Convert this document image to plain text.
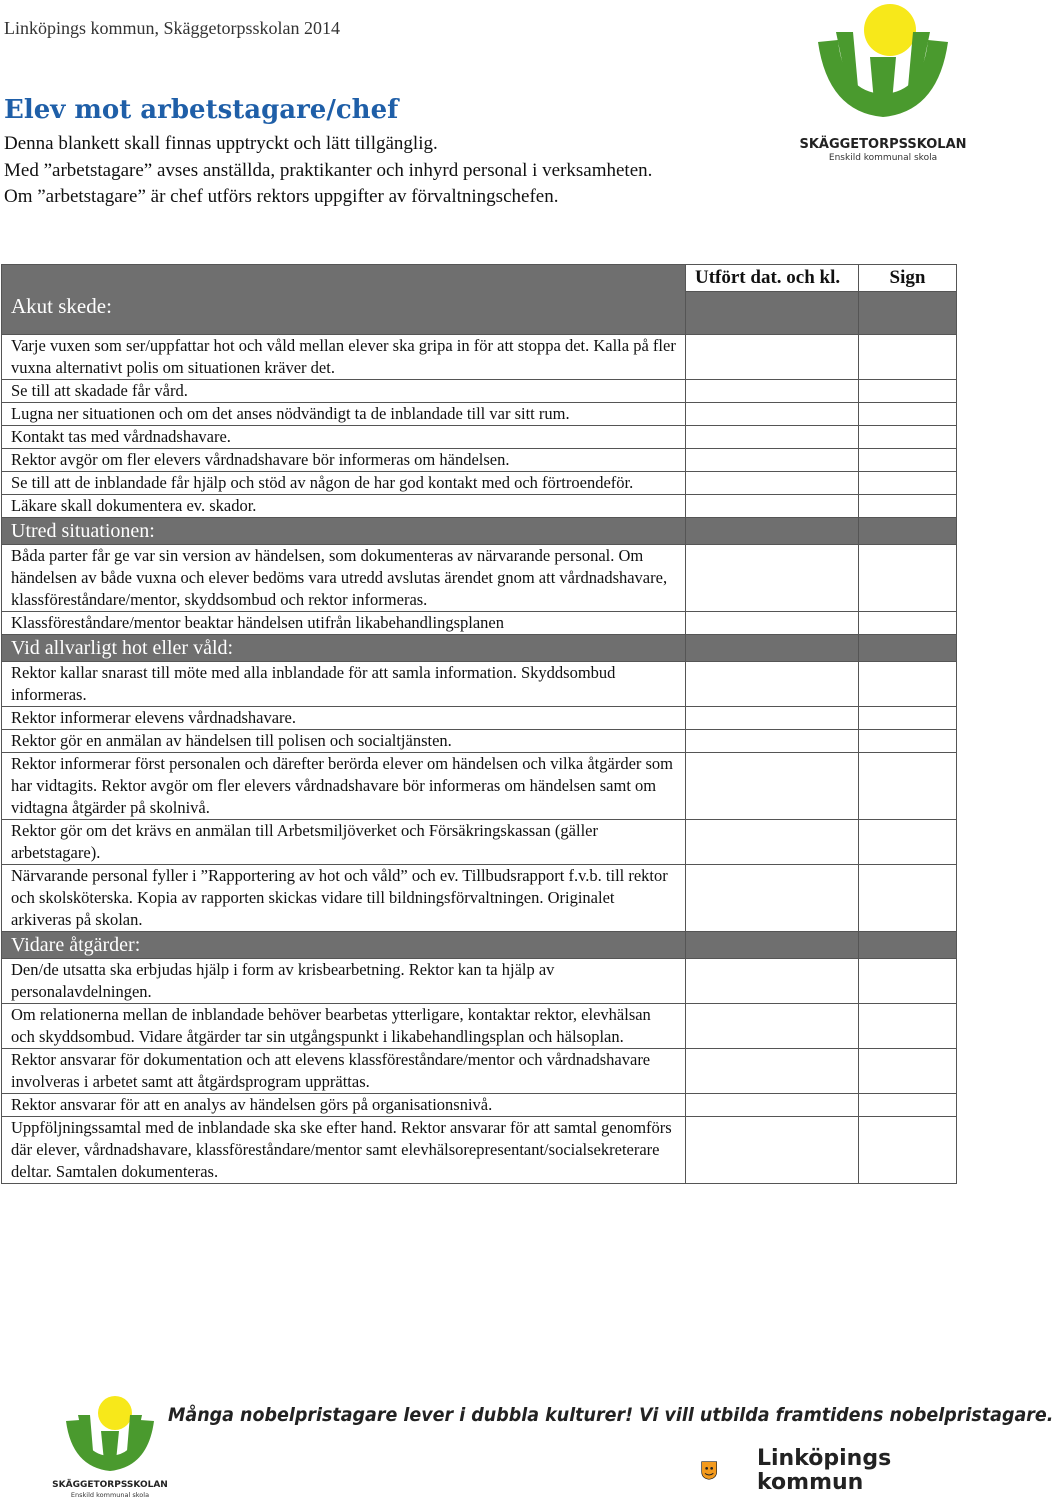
Linköpings kommun, Skäggetorpsskolan 2014
SKÄGGETORPSSKOLAN
Enskild kommunal skola
Elev mot arbetstagare/chef
Denna blankett skall finnas upptryckt och lätt tillgänglig.
Med ”arbetstagare” avses anställda, praktikanter och inhyrd personal i verksamheten.
Om ”arbetstagare” är chef utförs rektors uppgifter av förvaltningschefen.
Akut skede:	Utfört dat. och kl.	Sign

Varje vuxen som ser/uppfattar hot och våld mellan elever ska gripa in för att stoppa det. Kalla på fler vuxna alternativt polis om situationen kräver det.		
Se till att skadade får vård.		
Lugna ner situationen och om det anses nödvändigt ta de inblandade till var sitt rum.		
Kontakt tas med vårdnadshavare.		
Rektor avgör om fler elevers vårdnadshavare bör informeras om händelsen.		
Se till att de inblandade får hjälp och stöd av någon de har god kontakt med och förtroendeför.		
Läkare skall dokumentera ev. skador.		
Utred situationen:		
Båda parter får ge var sin version av händelsen, som dokumenteras av närvarande personal. Om händelsen av både vuxna och elever bedöms vara utredd avslutas ärendet gnom att vårdnadshavare, klassföreståndare/mentor, skyddsombud och rektor informeras.		
Klassföreståndare/mentor beaktar händelsen utifrån likabehandlingsplanen		
Vid allvarligt hot eller våld:		
Rektor kallar snarast till möte med alla inblandade för att samla information. Skyddsombud informeras.		
Rektor informerar elevens vårdnadshavare.		
Rektor gör en anmälan av händelsen till polisen och socialtjänsten.		
Rektor informerar först personalen och därefter berörda elever om händelsen och vilka åtgärder som har vidtagits. Rektor avgör om fler elevers vårdnadshavare bör informeras om händelsen samt om vidtagna åtgärder på skolnivå.		
Rektor gör om det krävs en anmälan till Arbetsmiljöverket och Försäkringskassan (gäller arbetstagare).		
Närvarande personal fyller i ”Rapportering av hot och våld” och ev. Tillbudsrapport f.v.b. till rektor och skolsköterska. Kopia av rapporten skickas vidare till bildningsförvaltningen. Originalet arkiveras på skolan.		
Vidare åtgärder:		
Den/de utsatta ska erbjudas hjälp i form av krisbearbetning. Rektor kan ta hjälp av personalavdelningen.		
Om relationerna mellan de inblandade behöver bearbetas ytterligare, kontaktar rektor, elevhälsan och skyddsombud. Vidare åtgärder tar sin utgångspunkt i likabehandlingsplan och hälsoplan.		
Rektor ansvarar för dokumentation och att elevens klassföreståndare/mentor och vårdnadshavare involveras i arbetet samt att åtgärdsprogram upprättas.		
Rektor ansvarar för att en analys av händelsen görs på organisationsnivå.		
Uppföljningssamtal med de inblandade ska ske efter hand. Rektor ansvarar för att samtal genomförs där elever, vårdnadshavare, klassföreståndare/mentor samt elevhälsorepresentant/socialsekreterare deltar. Samtalen dokumenteras.		
SKÄGGETORPSSKOLAN
Enskild kommunal skola
Många nobelpristagare lever i dubbla kulturer! Vi vill utbilda framtidens nobelpristagare.
Linköpings
kommun
